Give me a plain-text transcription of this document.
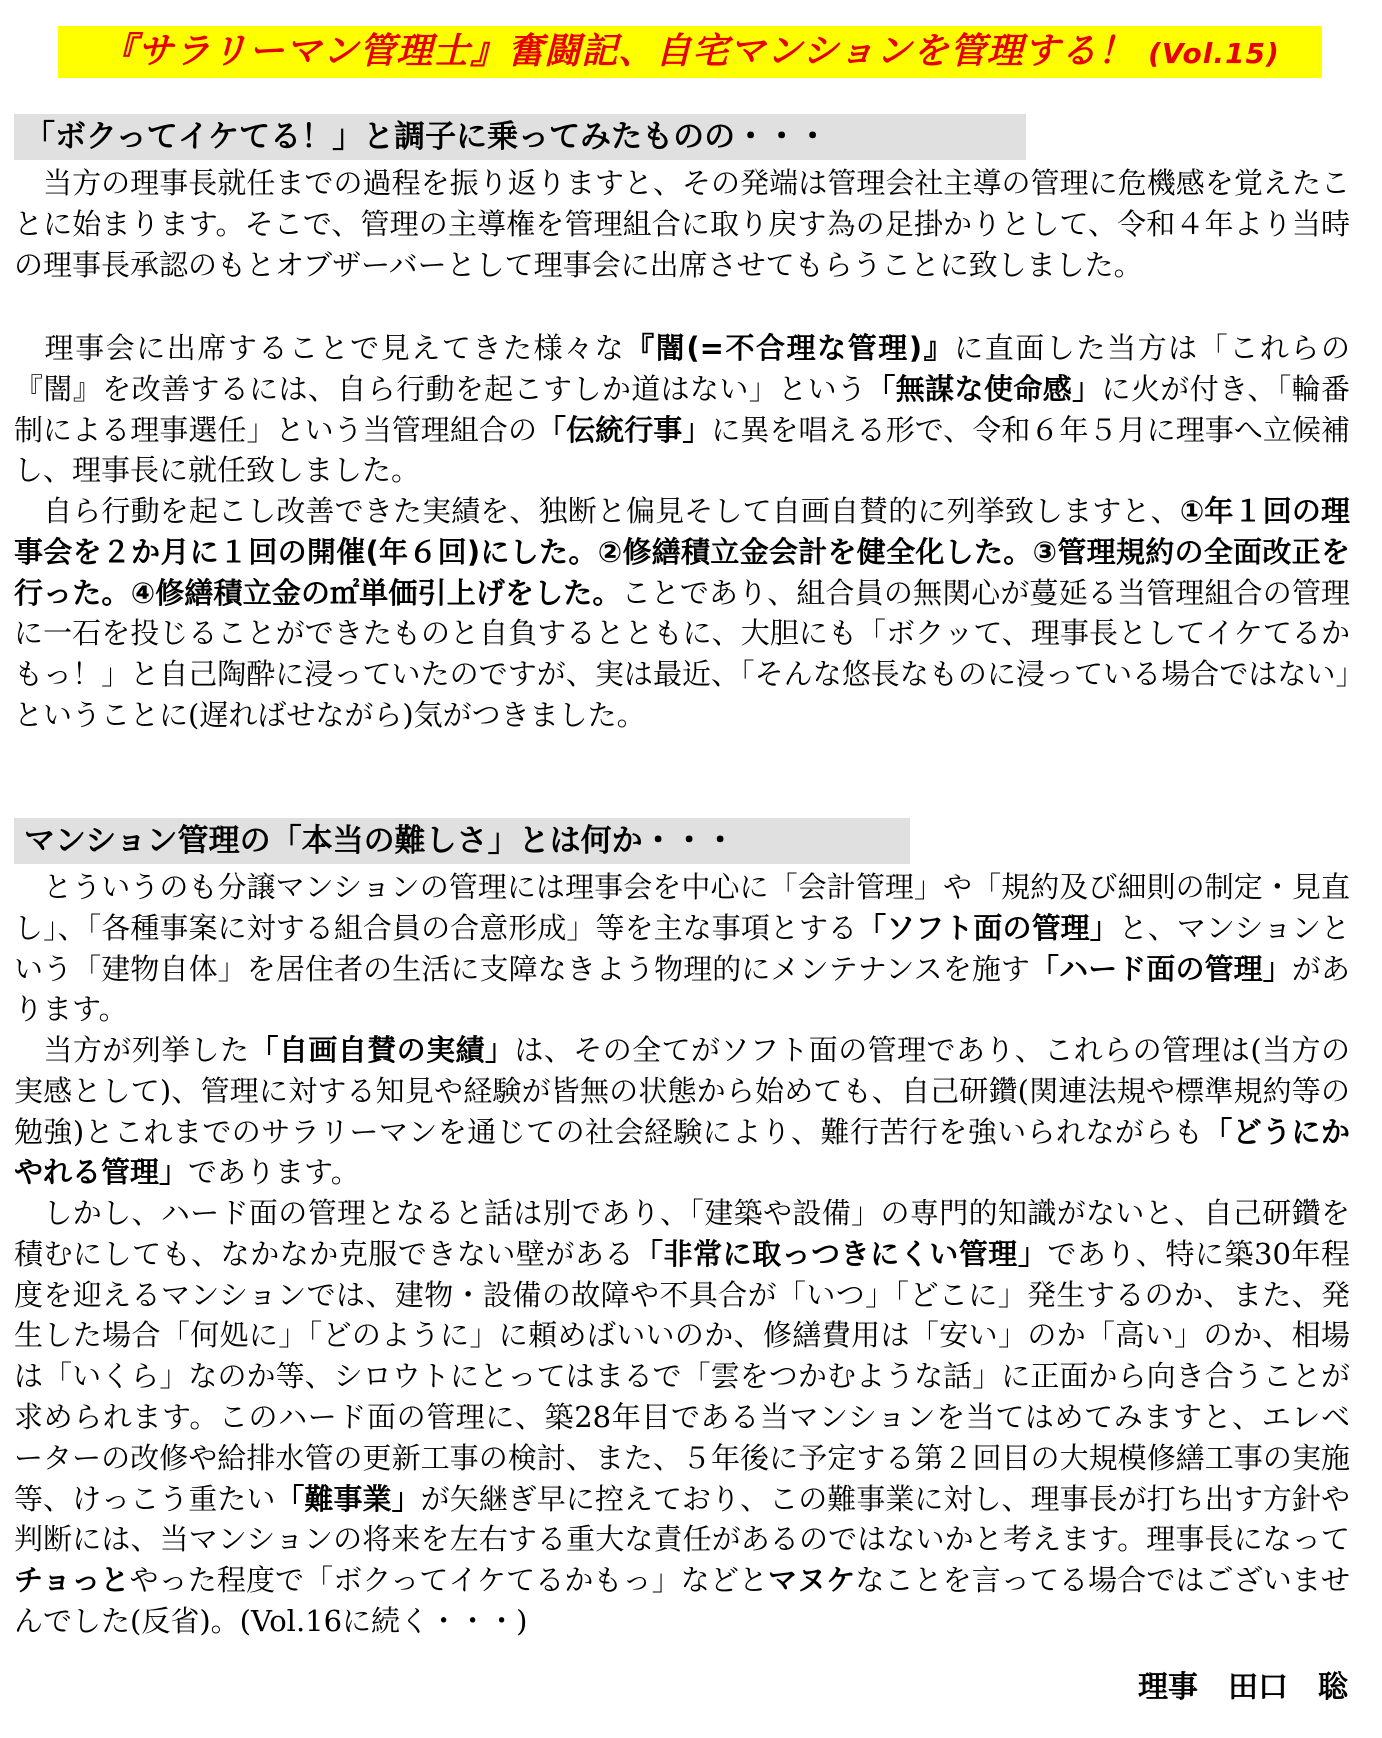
『サラリーマン管理士』奮闘記、自宅マンションを管理する！ (Vol.15)
「ボクってイケてる！」と調子に乗ってみたものの・・・

当方の理事長就任までの過程を振り返りますと、その発端は管理会社主導の管理に危機感を覚えたことに始まります。そこで、管理の主導権を管理組合に取り戻す為の足掛かりとして、令和４年より当時の理事長承認のもとオブザーバーとして理事会に出席させてもらうことに致しました。

理事会に出席することで見えてきた様々な『闇(=不合理な管理)』に直面した当方は「これらの『闇』を改善するには、自ら行動を起こすしか道はない」という「無謀な使命感」に火が付き、「輪番制による理事選任」という当管理組合の「伝統行事」に異を唱える形で、令和６年５月に理事へ立候補し、理事長に就任致しました。

自ら行動を起こし改善できた実績を、独断と偏見そして自画自賛的に列挙致しますと、①年１回の理事会を２か月に１回の開催(年６回)にした。②修繕積立金会計を健全化した。③管理規約の全面改正を行った。④修繕積立金の㎡単価引上げをした。ことであり、組合員の無関心が蔓延る当管理組合の管理に一石を投じることができたものと自負するとともに、大胆にも「ボクッて、理事長としてイケてるかもっ！」と自己陶酔に浸っていたのですが、実は最近、「そんな悠長なものに浸っている場合ではない」ということに(遅ればせながら)気がつきました。

マンション管理の「本当の難しさ」とは何か・・・

とういうのも分譲マンションの管理には理事会を中心に「会計管理」や「規約及び細則の制定・見直し」、「各種事案に対する組合員の合意形成」等を主な事項とする「ソフト面の管理」と、マンションという「建物自体」を居住者の生活に支障なきよう物理的にメンテナンスを施す「ハード面の管理」があります。

当方が列挙した「自画自賛の実績」は、その全てがソフト面の管理であり、これらの管理は(当方の実感として)、管理に対する知見や経験が皆無の状態から始めても、自己研鑽(関連法規や標準規約等の勉強)とこれまでのサラリーマンを通じての社会経験により、難行苦行を強いられながらも「どうにかやれる管理」であります。

しかし、ハード面の管理となると話は別であり、「建築や設備」の専門的知識がないと、自己研鑽を積むにしても、なかなか克服できない壁がある「非常に取っつきにくい管理」であり、特に築30年程度を迎えるマンションでは、建物・設備の故障や不具合が「いつ」「どこに」発生するのか、また、発生した場合「何処に」「どのように」に頼めばいいのか、修繕費用は「安い」のか「高い」のか、相場は「いくら」なのか等、シロウトにとってはまるで「雲をつかむような話」に正面から向き合うことが求められます。このハード面の管理に、築28年目である当マンションを当てはめてみますと、エレベーターの改修や給排水管の更新工事の検討、また、５年後に予定する第２回目の大規模修繕工事の実施等、けっこう重たい「難事業」が矢継ぎ早に控えており、この難事業に対し、理事長が打ち出す方針や判断には、当マンションの将来を左右する重大な責任があるのではないかと考えます。理事長になってチョっとやった程度で「ボクってイケてるかもっ」などとマヌケなことを言ってる場合ではございませんでした(反省)。(Vol.16に続く・・・)

理事　田口　聡
